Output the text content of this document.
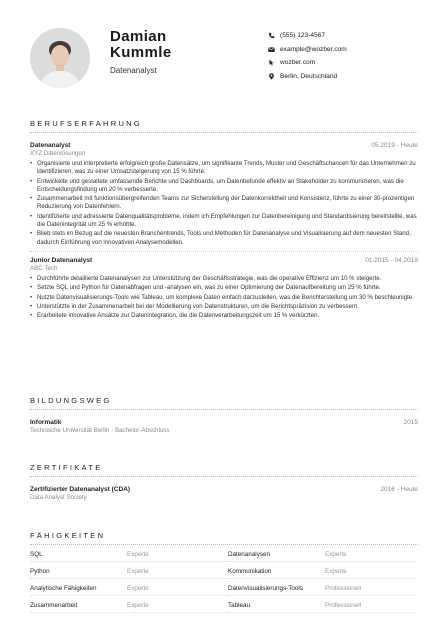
Damian
Kummle
Datenanalyst
(555) 123-4567
example@wozber.com
wozber.com
Berlin, Deutschland
BERUFSERFAHRUNG
Datenanalyst	05.2019 - Heute
XYZ Datenlösungen
• Organisierte und interpretierte erfolgreich große Datensätze, um signifikante Trends, Muster und Geschäftschancen für das Unternehmen zu identifizieren, was zu einer Umsatzsteigerung von 15 % führte.
• Entwickelte und gestaltete umfassende Berichte und Dashboards, um Datenbefunde effektiv an Stakeholder zu kommunizieren, was die Entscheidungsfindung um 20 % verbesserte.
• Zusammenarbeit mit funktionsübergreifenden Teams zur Sicherstellung der Datenkorrektheit und Konsistenz, führte zu einer 30-prozentigen Reduzierung von Datenfehlern.
• Identifizierte und adressierte Datenqualitätsprobleme, indem ich Empfehlungen zur Datenbereinigung und Standardisierung bereitstellte, was die Datenintegrität um 25 % erhöhte.
• Blieb stets im Bezug auf die neuesten Branchentrends, Tools und Methoden für Datenanalyse und Visualisierung auf dem neuesten Stand, dadurch Einführung von innovativen Analysemodellen.
Junior Datenanalyst	01.2015 - 04.2019
ABC Tech
• Durchführte detaillierte Datenanalysen zur Unterstützung der Geschäftsstrategie, was die operative Effizienz um 10 % steigerte.
• Setzte SQL und Python für Datenabfragen und -analysen ein, was zu einer Optimierung der Datenaufbereitung um 25 % führte.
• Nutzte Datenvisualisierungs-Tools wie Tableau, um komplexe Daten einfach darzustellen, was die Berichterstellung um 30 % beschleunigte.
• Unterstützte in der Zusammenarbeit bei der Modellierung von Datenstrukturen, um die Berichtspräzision zu verbessern.
• Erarbeitete innovative Ansätze zur Datenintegration, die die Datenverarbeitungszeit um 15 % verkürzten.
BILDUNGSWEG
Informatik	2015
Technische Universität Berlin - Bachelor-Abschluss
ZERTIFIKATE
Zertifizierter Datenanalyst (CDA)	2016 - Heute
Data Analyst Society
FÄHIGKEITEN
SQL	Experte	Datenanalysen	Experte
Python	Experte	Kommunikation	Experte
Analytische Fähigkeiten	Experte	Datenvisualisierungs-Tools	Professionell
Zusammenarbeit	Experte	Tableau	Professionell
